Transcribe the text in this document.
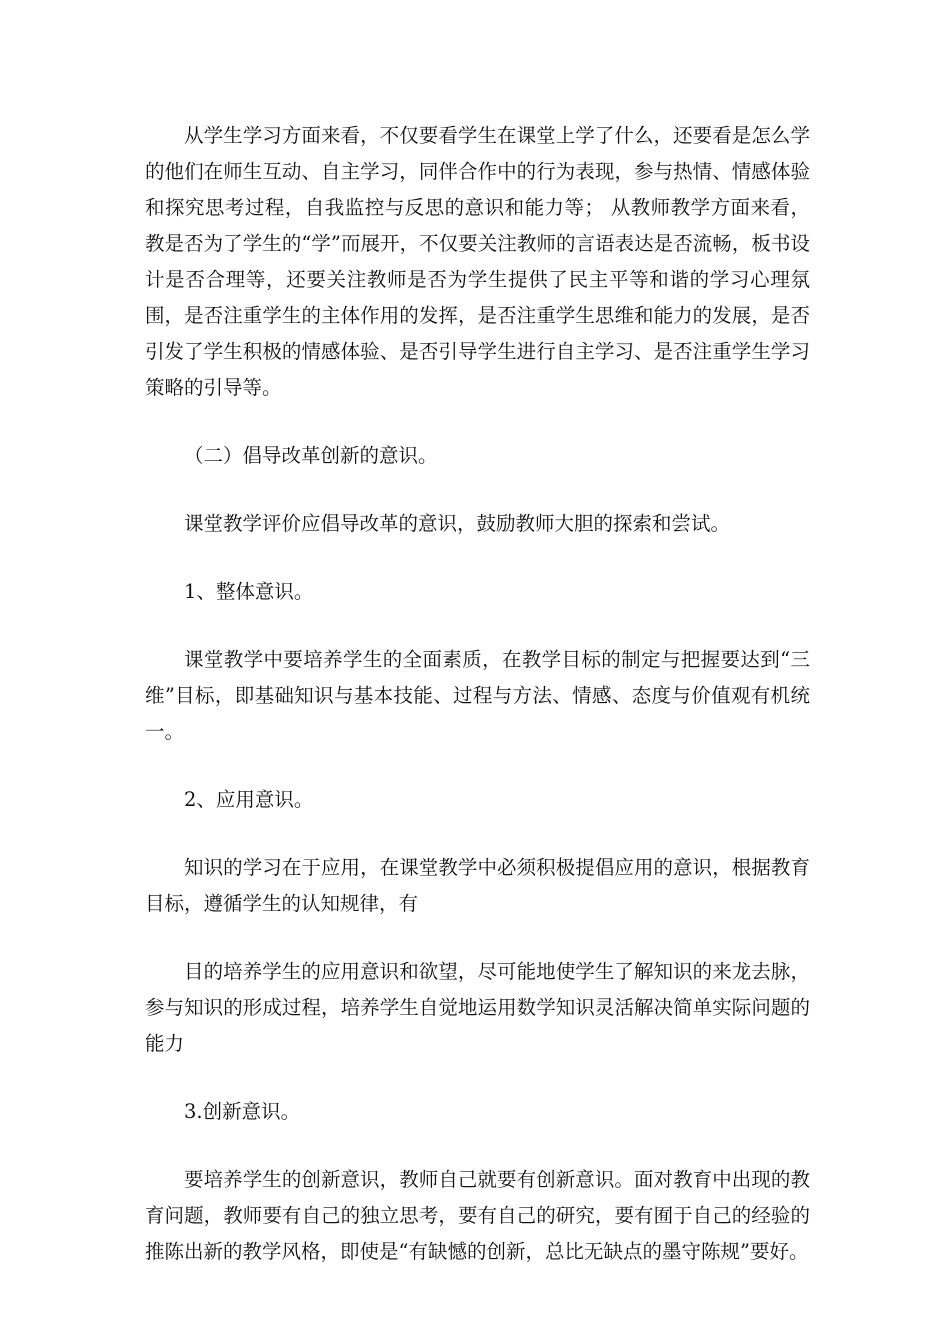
从学生学习方面来看，不仅要看学生在课堂上学了什么，还要看是怎么学的他们在师生互动、自主学习，同伴合作中的行为表现，参与热情、情感体验和探究思考过程，自我监控与反思的意识和能力等； 从教师教学方面来看，教是否为了学生的“学”而展开，不仅要关注教师的言语表达是否流畅，板书设计是否合理等，还要关注教师是否为学生提供了民主平等和谐的学习心理氛围，是否注重学生的主体作用的发挥，是否注重学生思维和能力的发展，是否引发了学生积极的情感体验、是否引导学生进行自主学习、是否注重学生学习策略的引导等。

（二）倡导改革创新的意识。

课堂教学评价应倡导改革的意识，鼓励教师大胆的探索和尝试。

1、整体意识。

课堂教学中要培养学生的全面素质，在教学目标的制定与把握要达到“三维”目标，即基础知识与基本技能、过程与方法、情感、态度与价值观有机统一。

2、应用意识。

知识的学习在于应用，在课堂教学中必须积极提倡应用的意识，根据教育目标，遵循学生的认知规律，有

目的培养学生的应用意识和欲望，尽可能地使学生了解知识的来龙去脉，参与知识的形成过程，培养学生自觉地运用数学知识灵活解决简单实际问题的能力

3.创新意识。

要培养学生的创新意识，教师自己就要有创新意识。面对教育中出现的教育问题，教师要有自己的独立思考，要有自己的研究，要有囿于自己的经验的推陈出新的教学风格，即使是“有缺憾的创新，总比无缺点的墨守陈规”要好。
